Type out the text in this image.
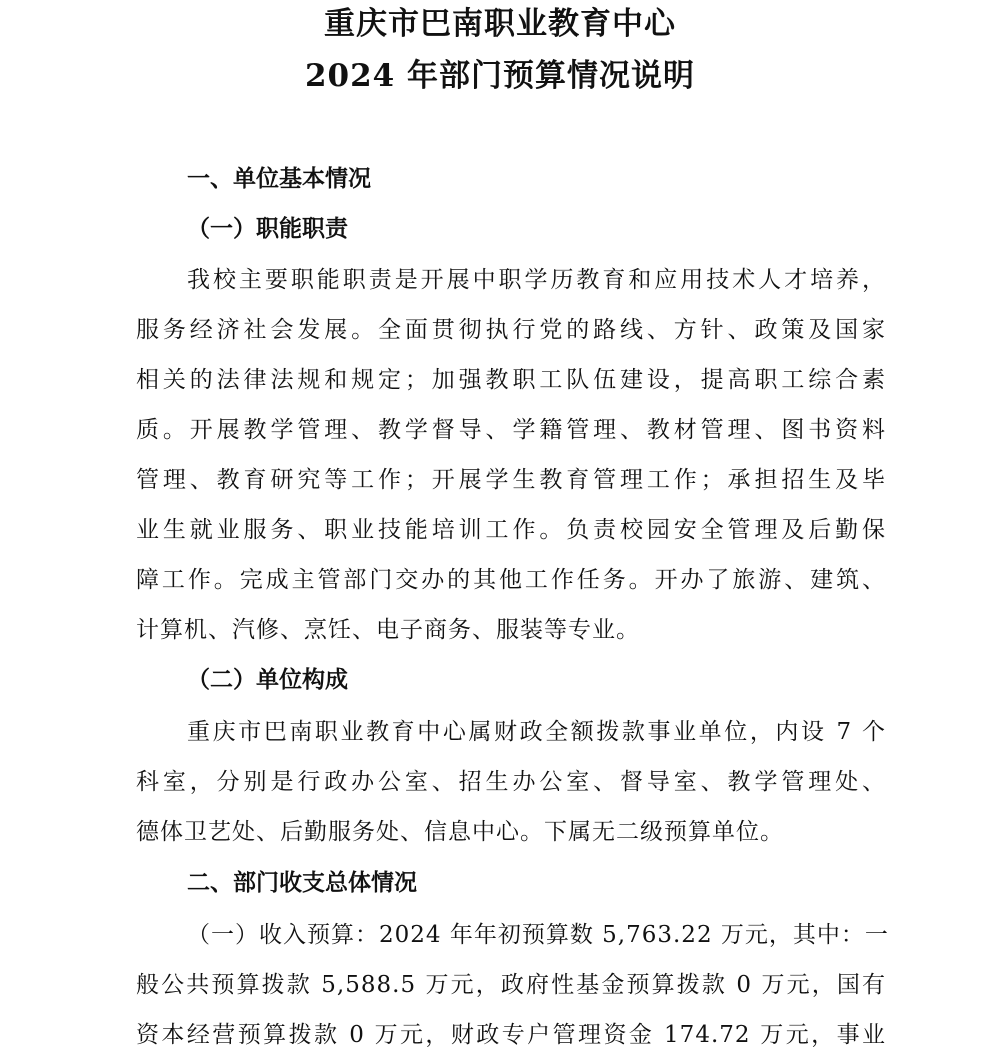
重庆市巴南职业教育中心
2024 年部门预算情况说明
一、单位基本情况
（一）职能职责

我校主要职能职责是开展中职学历教育和应用技术人才培养，

服务经济社会发展。全面贯彻执行党的路线、方针、政策及国家

相关的法律法规和规定；加强教职工队伍建设，提高职工综合素

质。开展教学管理、教学督导、学籍管理、教材管理、图书资料

管理、教育研究等工作；开展学生教育管理工作；承担招生及毕

业生就业服务、职业技能培训工作。负责校园安全管理及后勤保

障工作。完成主管部门交办的其他工作任务。开办了旅游、建筑、

计算机、汽修、烹饪、电子商务、服装等专业。

（二）单位构成

重庆市巴南职业教育中心属财政全额拨款事业单位，内设 7 个

科室，分别是行政办公室、招生办公室、督导室、教学管理处、

德体卫艺处、后勤服务处、信息中心。下属无二级预算单位。

二、部门收支总体情况
（一）收入预算：2024 年年初预算数 5,763.22 万元，其中：一

般公共预算拨款 5,588.5 万元，政府性基金预算拨款 0 万元，国有

资本经营预算拨款 0 万元，财政专户管理资金 174.72 万元，事业
